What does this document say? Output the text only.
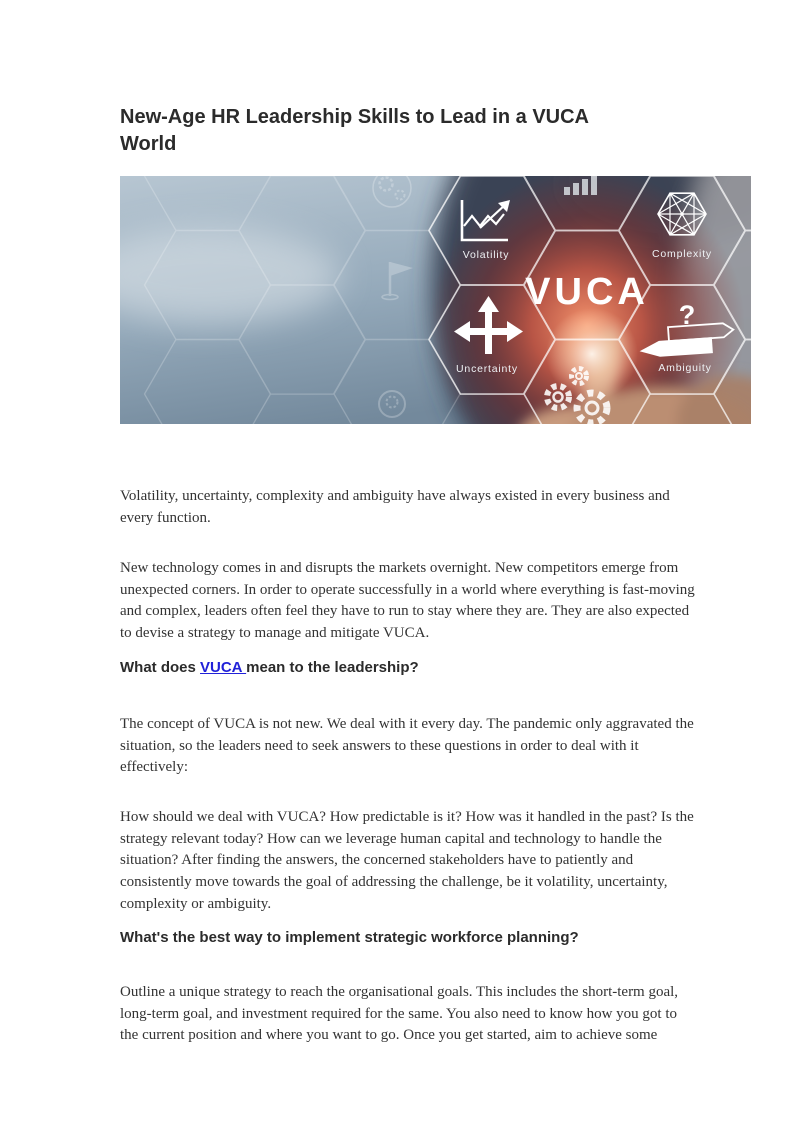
New-Age HR Leadership Skills to Lead in a VUCA  World
Volatility	Complexity
Uncertainty
?
Ambiguity
VUCA

Volatility, uncertainty, complexity and ambiguity have always existed in every business and every function.

New technology comes in and disrupts the markets overnight. New competitors emerge from unexpected corners. In order to operate successfully in a world where everything is fast-moving and complex, leaders often feel they have to run to stay where they are. They are also expected to devise a strategy to manage and mitigate VUCA.

What does VUCA mean to the leadership?

The concept of VUCA is not new. We deal with it every day. The pandemic only aggravated the situation, so the leaders need to seek answers to these questions in order to deal with it effectively:

How should we deal with VUCA? How predictable is it? How was it handled in the past? Is the strategy relevant today? How can we leverage human capital and technology to handle the situation? After finding the answers, the concerned stakeholders have to patiently and consistently move towards the goal of addressing the challenge, be it volatility, uncertainty, complexity or ambiguity.

What's the best way to implement strategic workforce planning?

Outline a unique strategy to reach the organisational goals. This includes the short-term goal, long-term goal, and investment required for the same. You also need to know how you got to the current position and where you want to go. Once you get started, aim to achieve some
